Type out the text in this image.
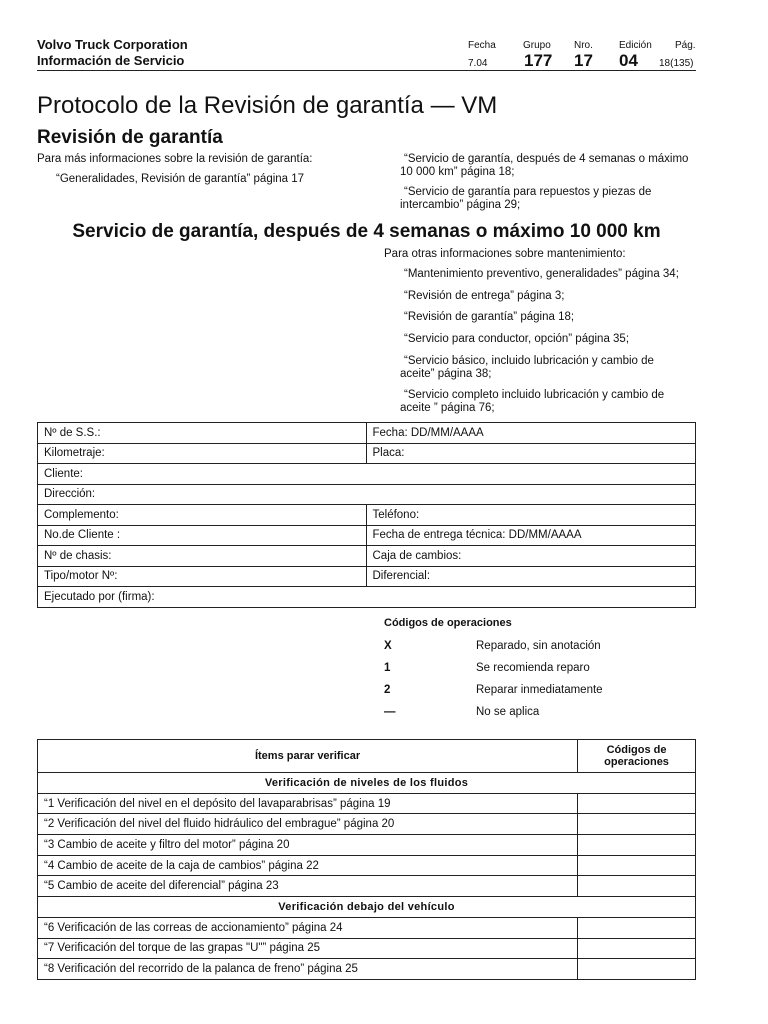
Volvo Truck Corporation
Información de Servicio
Fecha	Grupo Nro.	Edición Pág.
7.04 177 17 04 18(135)
Protocolo de la Revisión de garantía — VM
Revisión de garantía
Para más informaciones sobre la revisión de garantía:
“Generalidades, Revisión de garantía” página 17
“Servicio de garantía, después de 4 semanas o máximo 10 000 km” página 18;
“Servicio de garantía para repuestos y piezas de intercambio” página 29;
Servicio de garantía, después de 4 semanas o máximo 10 000 km
Para otras informaciones sobre mantenimiento:
“Mantenimiento preventivo, generalidades” página 34;
“Revisión de entrega” página 3;
“Revisión de garantía” página 18;
“Servicio para conductor, opción” página 35;
“Servicio básico, incluido lubricación y cambio de aceite” página 38;
“Servicio completo incluido lubricación y cambio de aceite ” página 76;
Nº de S.S.:	Fecha: DD/MM/AAAA
Kilometraje:	Placa:
Cliente:	
Dirección:	
Complemento:	Teléfono:
No.de Cliente :	Fecha de entrega técnica: DD/MM/AAAA
Nº de chasis:	Caja de cambios:
Tipo/motor Nº:	Diferencial:
Ejecutado por (firma):	
Códigos de operaciones
X	Reparado, sin anotación
1	Se recomienda reparo
2	Reparar inmediatamente
—	No se aplica
Ítems parar verificar	Códigos de
operaciones
Verificación de niveles de los fluidos	
“1 Verificación del nivel en el depósito del lavaparabrisas” página 19	
“2 Verificación del nivel del fluido hidráulico del embrague” página 20	
“3 Cambio de aceite y filtro del motor” página 20	
“4 Cambio de aceite de la caja de cambios” página 22	
“5 Cambio de aceite del diferencial” página 23	
Verificación debajo del vehículo	
“6 Verificación de las correas de accionamiento” página 24	
“7 Verificación del torque de las grapas "U"” página 25	
“8 Verificación del recorrido de la palanca de freno” página 25	
